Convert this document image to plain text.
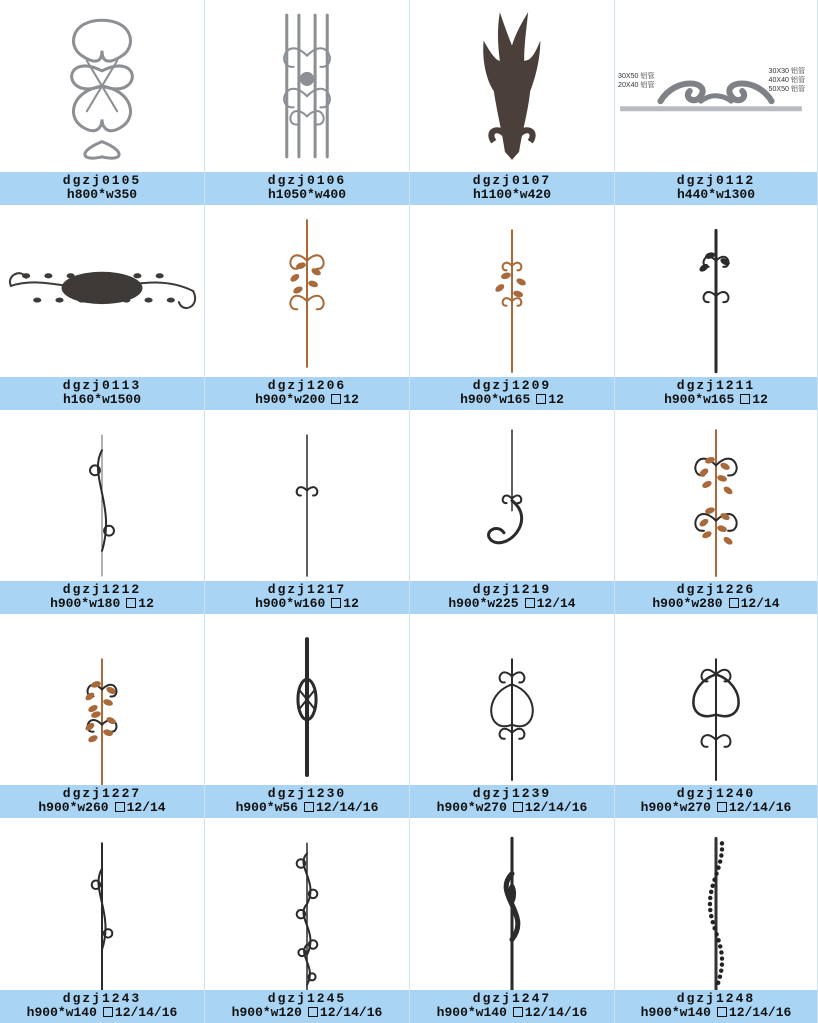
dgzj0105
h800*w350
dgzj0106
h1050*w400
dgzj0107
h1100*w420
30X50 铝管
20X40 铝管
30X30 铝管
40X40 铝管
50X50 铝管
dgzj0112
h440*w1300
dgzj0113
h160*w1500
dgzj1206
h900*w200 12
dgzj1209
h900*w165 12
dgzj1211
h900*w165 12
dgzj1212
h900*w180 12
dgzj1217
h900*w160 12
dgzj1219
h900*w225 12/14
dgzj1226
h900*w280 12/14
dgzj1227
h900*w260 12/14
dgzj1230
h900*w56 12/14/16
dgzj1239
h900*w270 12/14/16
dgzj1240
h900*w270 12/14/16
dgzj1243
h900*w140 12/14/16
dgzj1245
h900*w120 12/14/16
dgzj1247
h900*w140 12/14/16
dgzj1248
h900*w140 12/14/16
